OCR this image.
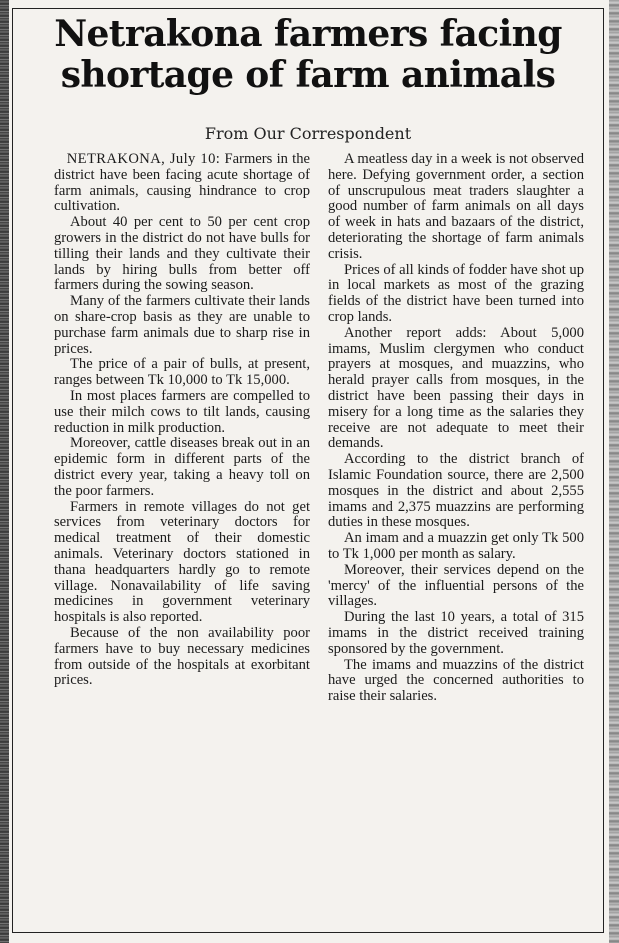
Netrakona farmers facing
shortage of farm animals
From Our Correspondent

NETRAKONA, July 10: Farmers in the district have been facing acute shortage of farm animals, causing hindrance to crop cultivation.

About 40 per cent to 50 per cent crop growers in the district do not have bulls for tilling their lands and they cultivate their lands by hiring bulls from better off farmers during the sowing season.

Many of the farmers cultivate their lands on share-crop basis as they are unable to purchase farm animals due to sharp rise in prices.

The price of a pair of bulls, at present, ranges between Tk 10,000 to Tk 15,000.

In most places farmers are compelled to use their milch cows to tilt lands, causing reduction in milk production.

Moreover, cattle diseases break out in an epidemic form in different parts of the district every year, taking a heavy toll on the poor farmers.

Farmers in remote villages do not get services from veterinary doctors for medical treatment of their domestic animals. Veterinary doctors stationed in thana headquarters hardly go to remote village. Nonavailability of life saving medicines in government veterinary hospitals is also reported.

Because of the non availability poor farmers have to buy necessary medicines from outside of the hospitals at exorbitant prices.

A meatless day in a week is not observed here. Defying government order, a section of unscrupulous meat traders slaughter a good number of farm animals on all days of week in hats and bazaars of the district, deteriorating the shortage of farm animals crisis.

Prices of all kinds of fodder have shot up in local markets as most of the grazing fields of the district have been turned into crop lands.

Another report adds: About 5,000 imams, Muslim clergymen who conduct prayers at mosques, and muazzins, who herald prayer calls from mosques, in the district have been passing their days in misery for a long time as the salaries they receive are not adequate to meet their demands.

According to the district branch of Islamic Foundation source, there are 2,500 mosques in the district and about 2,555 imams and 2,375 muazzins are performing duties in these mosques.

An imam and a muazzin get only Tk 500 to Tk 1,000 per month as salary.

Moreover, their services depend on the 'mercy' of the influential persons of the villages.

During the last 10 years, a total of 315 imams in the district received training sponsored by the government.

The imams and muazzins of the district have urged the concerned authorities to raise their salaries.
